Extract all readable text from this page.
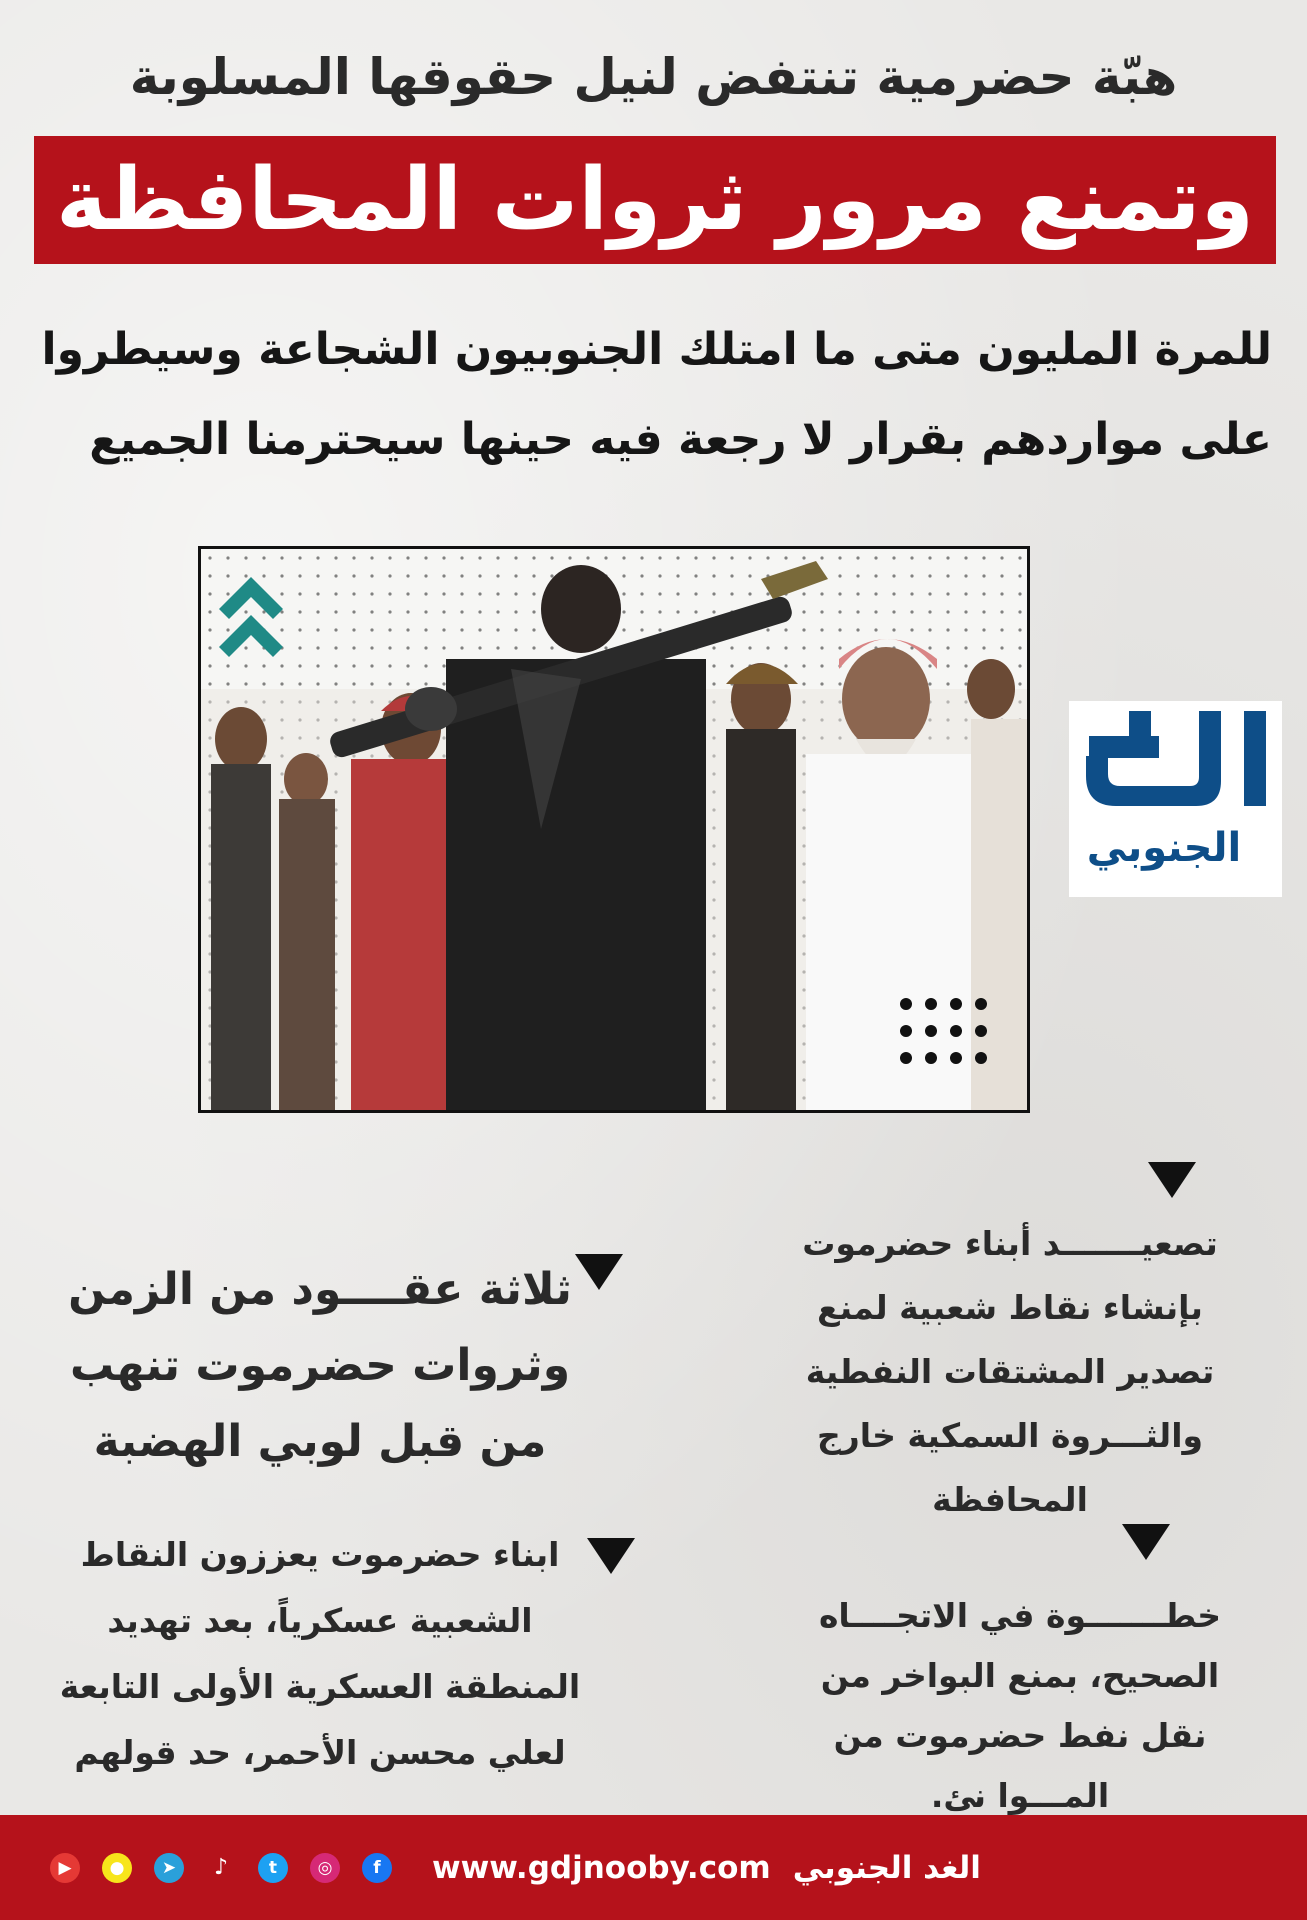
هبّة حضرمية تنتفض لنيل حقوقها المسلوبة
وتمنع مرور ثروات المحافظة
للمرة المليون متى ما امتلك الجنوبيون الشجاعة وسيطروا
على مواردهم بقرار لا رجعة فيه حينها سيحترمنا الجميع
الجنوبي
تصعيـــــــد أبناء حضرموت
بإنشاء نقاط شعبية لمنع
تصدير المشتقات النفطية
والثـــروة السمكية خارج
المحافظة
خطـــــــوة في الاتجــــاه
الصحيح، بمنع البواخر من
نقل نفط حضرموت من
المـــوا نئ.
ثلاثة عقــــود من الزمن
وثروات حضرموت تنهب
من قبل لوبي الهضبة
ابناء حضرموت يعززون النقاط
الشعبية عسكرياً، بعد تهديد
المنطقة العسكرية الأولى التابعة
لعلي محسن الأحمر، حد قولهم
▶	●	➤	♪	t	◎	f	www.gdjnooby.com الغد الجنوبي
